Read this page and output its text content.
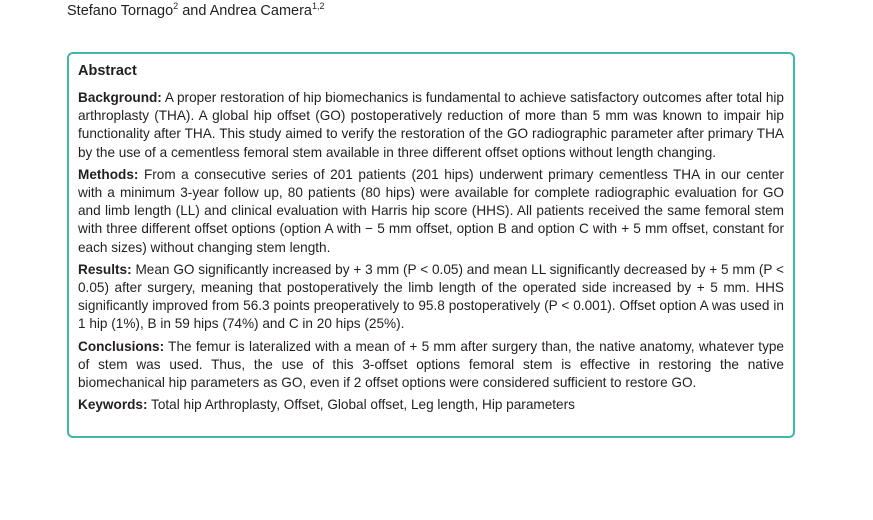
Stefano Tornago$^2$ and Andrea Camera$^{1,2}$
Abstract

Background: A proper restoration of hip biomechanics is fundamental to achieve satisfactory outcomes after total hip arthroplasty (THA). A global hip offset (GO) postoperatively reduction of more than 5 mm was known to impair hip functionality after THA. This study aimed to verify the restoration of the GO radiographic parameter after primary THA by the use of a cementless femoral stem available in three different offset options without length changing.

Methods: From a consecutive series of 201 patients (201 hips) underwent primary cementless THA in our center with a minimum 3-year follow up, 80 patients (80 hips) were available for complete radiographic evaluation for GO and limb length (LL) and clinical evaluation with Harris hip score (HHS). All patients received the same femoral stem with three different offset options (option A with − 5 mm offset, option B and option C with + 5 mm offset, constant for each sizes) without changing stem length.

Results: Mean GO significantly increased by + 3 mm (P < 0.05) and mean LL significantly decreased by + 5 mm (P < 0.05) after surgery, meaning that postoperatively the limb length of the operated side increased by + 5 mm. HHS significantly improved from 56.3 points preoperatively to 95.8 postoperatively (P < 0.001). Offset option A was used in 1 hip (1%), B in 59 hips (74%) and C in 20 hips (25%).

Conclusions: The femur is lateralized with a mean of + 5 mm after surgery than, the native anatomy, whatever type of stem was used. Thus, the use of this 3-offset options femoral stem is effective in restoring the native biomechanical hip parameters as GO, even if 2 offset options were considered sufficient to restore GO.

Keywords: Total hip Arthroplasty, Offset, Global offset, Leg length, Hip parameters
